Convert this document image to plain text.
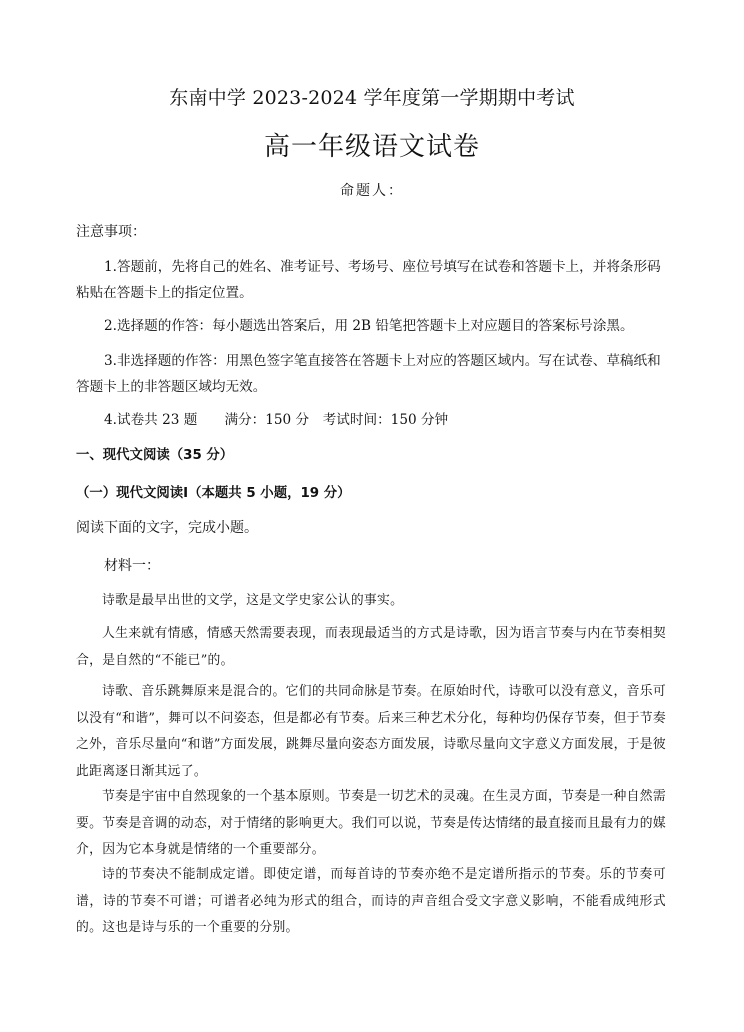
东南中学 2023-2024 学年度第一学期期中考试
高一年级语文试卷
命题人：
注意事项：
1.答题前，先将自己的姓名、准考证号、考场号、座位号填写在试卷和答题卡上，并将条形码粘贴在答题卡上的指定位置。
2.选择题的作答：每小题选出答案后，用 2B 铅笔把答题卡上对应题目的答案标号涂黑。
3.非选择题的作答：用黑色签字笔直接答在答题卡上对应的答题区域内。写在试卷、草稿纸和答题卡上的非答题区域均无效。
4.试卷共 23 题　　满分：150 分　考试时间：150 分钟
一、现代文阅读（35 分）
（一）现代文阅读Ⅰ（本题共 5 小题，19 分）
阅读下面的文字，完成小题。
材料一：
诗歌是最早出世的文学，这是文学史家公认的事实。
人生来就有情感，情感天然需要表现，而表现最适当的方式是诗歌，因为语言节奏与内在节奏相契合，是自然的“不能已”的。
诗歌、音乐跳舞原来是混合的。它们的共同命脉是节奏。在原始时代，诗歌可以没有意义，音乐可以没有“和谐”，舞可以不问姿态，但是都必有节奏。后来三种艺术分化，每种均仍保存节奏，但于节奏之外，音乐尽量向“和谐”方面发展，跳舞尽量向姿态方面发展，诗歌尽量向文字意义方面发展，于是彼此距离逐日渐其远了。
节奏是宇宙中自然现象的一个基本原则。节奏是一切艺术的灵魂。在生灵方面，节奏是一种自然需要。节奏是音调的动态，对于情绪的影响更大。我们可以说，节奏是传达情绪的最直接而且最有力的媒介，因为它本身就是情绪的一个重要部分。
诗的节奏决不能制成定谱。即使定谱，而每首诗的节奏亦绝不是定谱所指示的节奏。乐的节奏可谱，诗的节奏不可谱；可谱者必纯为形式的组合，而诗的声音组合受文字意义影响，不能看成纯形式的。这也是诗与乐的一个重要的分别。
